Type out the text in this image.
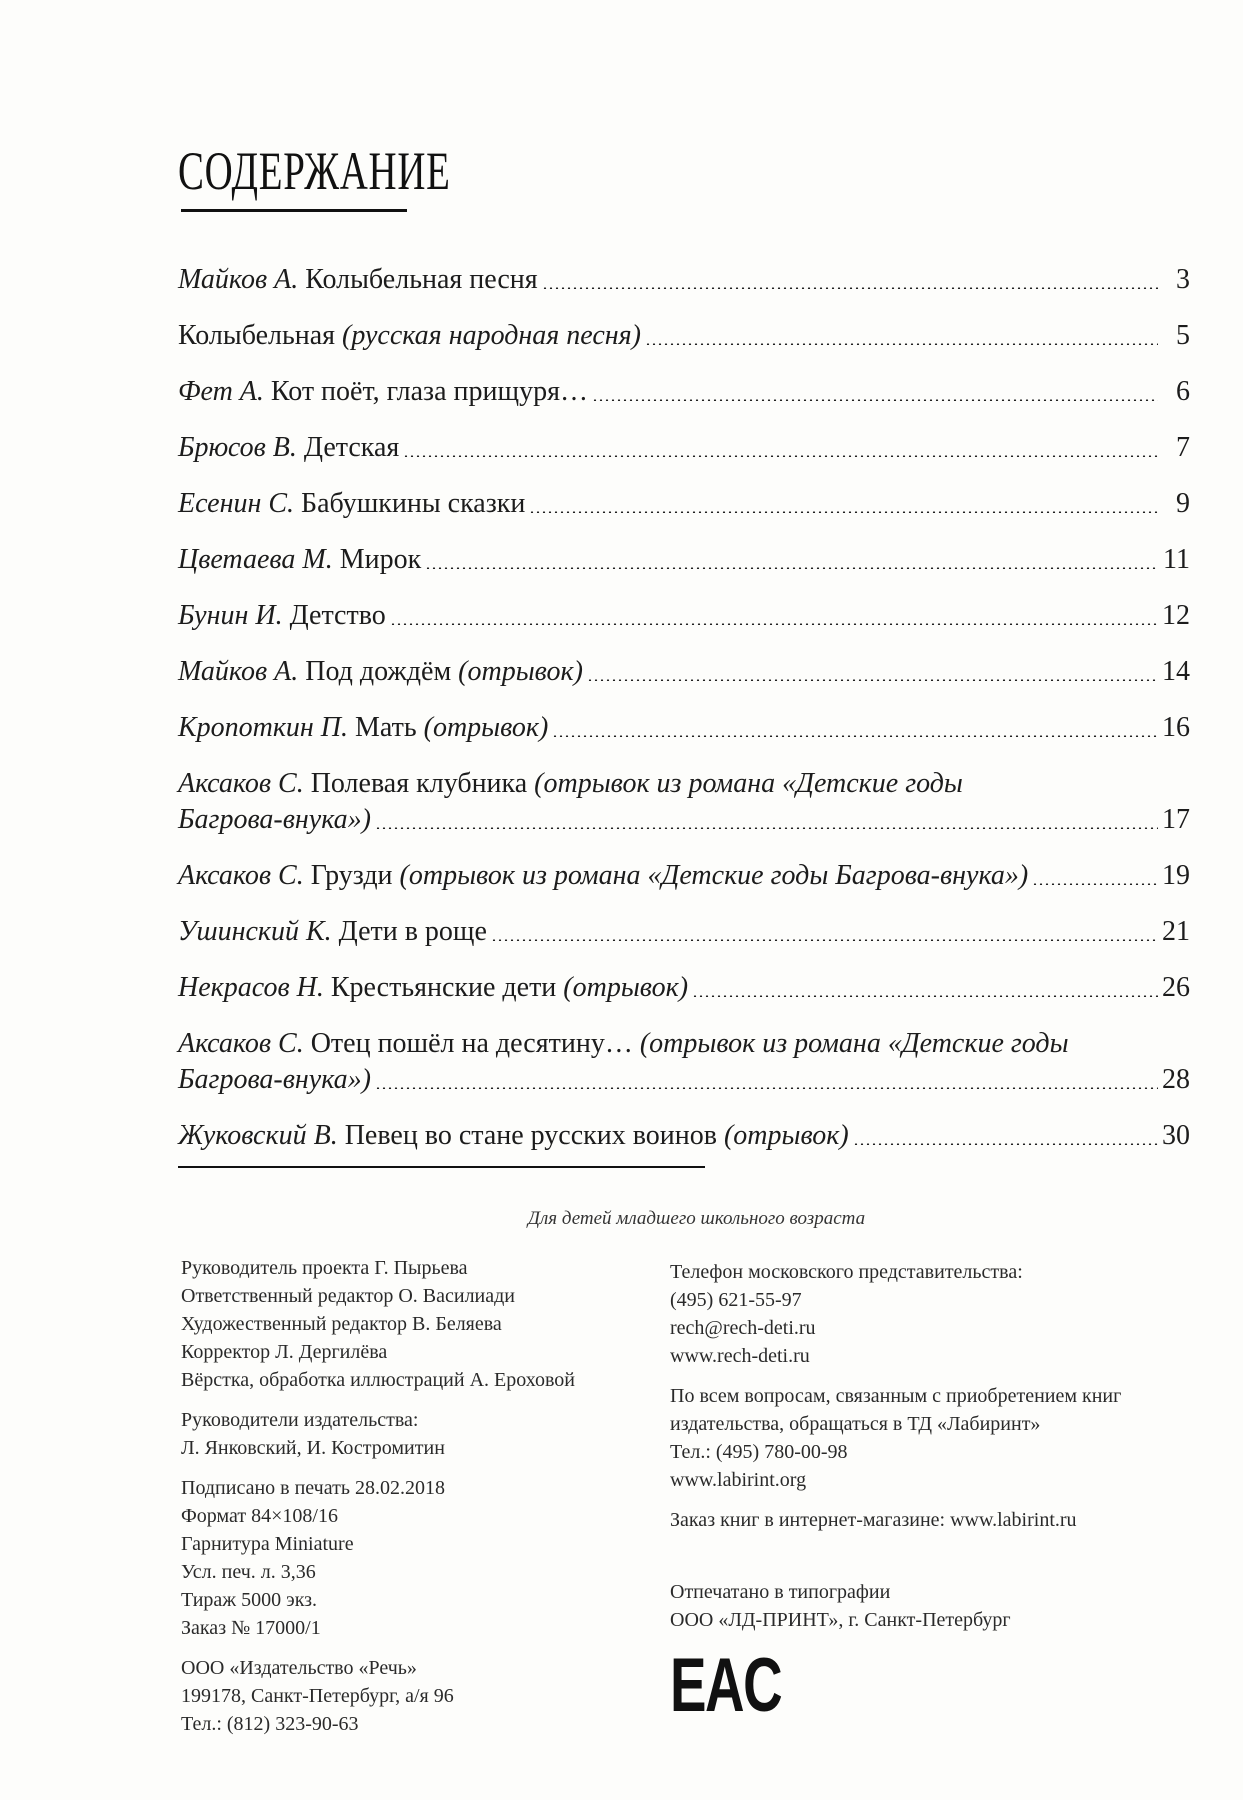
СОДЕРЖАНИЕ
Майков А.
Колыбельная песня	3
Колыбельная
(русская народная песня)	5
Фет А.
Кот поёт, глаза прищуря…	6
Брюсов В.
Детская	7
Есенин С.
Бабушкины сказки	9
Цветаева М.
Мирок	11
Бунин И.
Детство	12
Майков А.
Под дождём
(отрывок)	14
Кропоткин П.
Мать
(отрывок)	16
Аксаков С.
Полевая клубника
(отрывок из романа «Детские годы
Багрова-внука»)	17
Аксаков С.
Грузди
(отрывок из романа «Детские годы Багрова-внука»)	19
Ушинский К.
Дети в роще	21
Некрасов Н.
Крестьянские дети
(отрывок)	26
Аксаков С.
Отец пошёл на десятину…
(отрывок из романа «Детские годы
Багрова-внука»)	28
Жуковский В.
Певец во стане русских воинов
(отрывок)	30
Для детей младшего школьного возраста
Руководитель проекта Г. Пырьева
Ответственный редактор О. Василиади
Художественный редактор В. Беляева
Корректор Л. Дергилёва
Вёрстка, обработка иллюстраций А. Ероховой
Руководители издательства:
Л. Янковский, И. Костромитин
Подписано в печать 28.02.2018
Формат 84×108/16
Гарнитура Miniature
Усл. печ. л. 3,36
Тираж 5000 экз.
Заказ № 17000/1
ООО «Издательство «Речь»
199178, Санкт-Петербург, а/я 96
Тел.: (812) 323-90-63
Телефон московского представительства:
(495) 621-55-97
rech@rech-deti.ru
www.rech-deti.ru
По всем вопросам, связанным с приобретением книг
издательства, обращаться в ТД «Лабиринт»
Тел.: (495) 780-00-98
www.labirint.org
Заказ книг в интернет-магазине: www.labirint.ru
Отпечатано в типографии
ООО «ЛД-ПРИНТ», г. Санкт-Петербург
EAC
